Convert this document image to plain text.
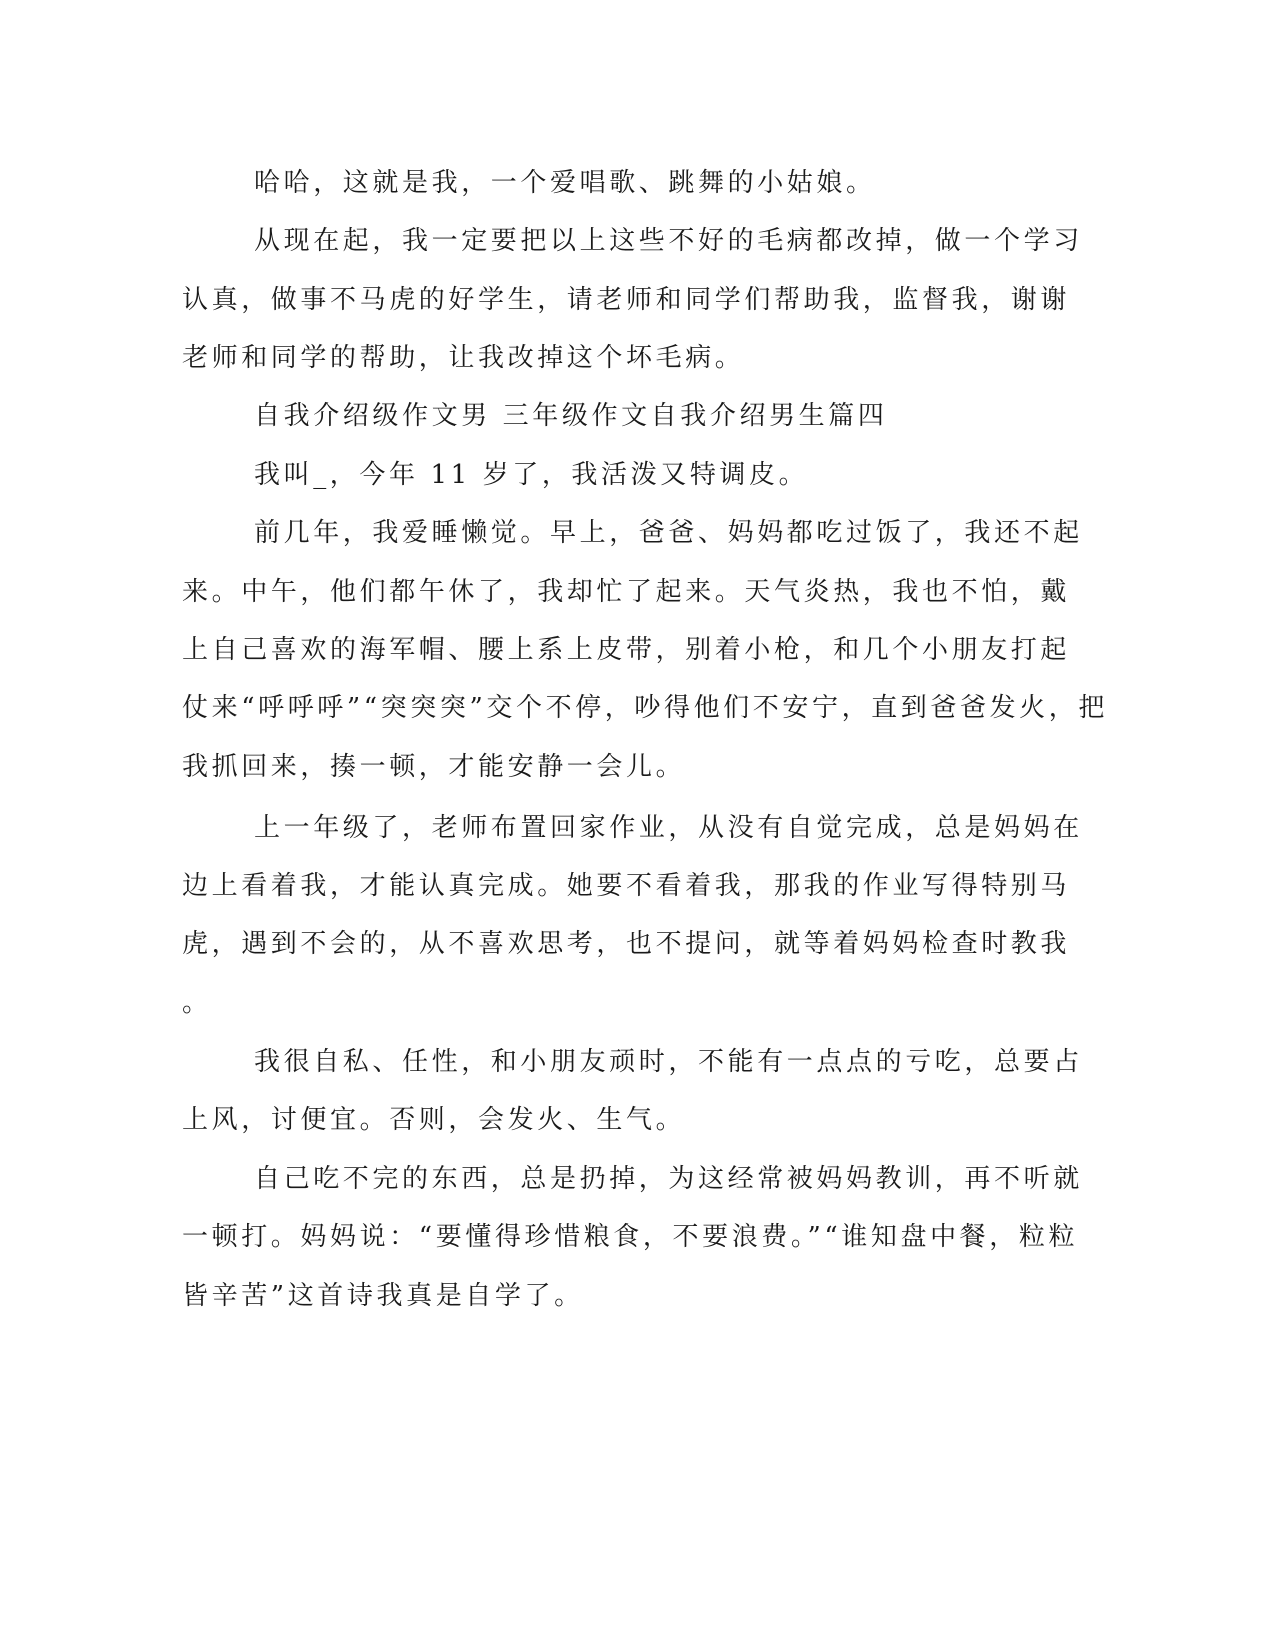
哈哈，这就是我，一个爱唱歌、跳舞的小姑娘。
从现在起，我一定要把以上这些不好的毛病都改掉，做一个学习
认真，做事不马虎的好学生，请老师和同学们帮助我，监督我，谢谢
老师和同学的帮助，让我改掉这个坏毛病。
自我介绍级作文男 三年级作文自我介绍男生篇四
我叫_，今年 11 岁了，我活泼又特调皮。
前几年，我爱睡懒觉。早上，爸爸、妈妈都吃过饭了，我还不起
来。中午，他们都午休了，我却忙了起来。天气炎热，我也不怕，戴
上自己喜欢的海军帽、腰上系上皮带，别着小枪，和几个小朋友打起
仗来“呼呼呼”“突突突”交个不停，吵得他们不安宁，直到爸爸发火，把
我抓回来，揍一顿，才能安静一会儿。
上一年级了，老师布置回家作业，从没有自觉完成，总是妈妈在
边上看着我，才能认真完成。她要不看着我，那我的作业写得特别马
虎，遇到不会的，从不喜欢思考，也不提问，就等着妈妈检查时教我
。
我很自私、任性，和小朋友顽时，不能有一点点的亏吃，总要占
上风，讨便宜。否则，会发火、生气。
自己吃不完的东西，总是扔掉，为这经常被妈妈教训，再不听就
一顿打。妈妈说：“要懂得珍惜粮食，不要浪费。”“谁知盘中餐，粒粒
皆辛苦”这首诗我真是自学了。
